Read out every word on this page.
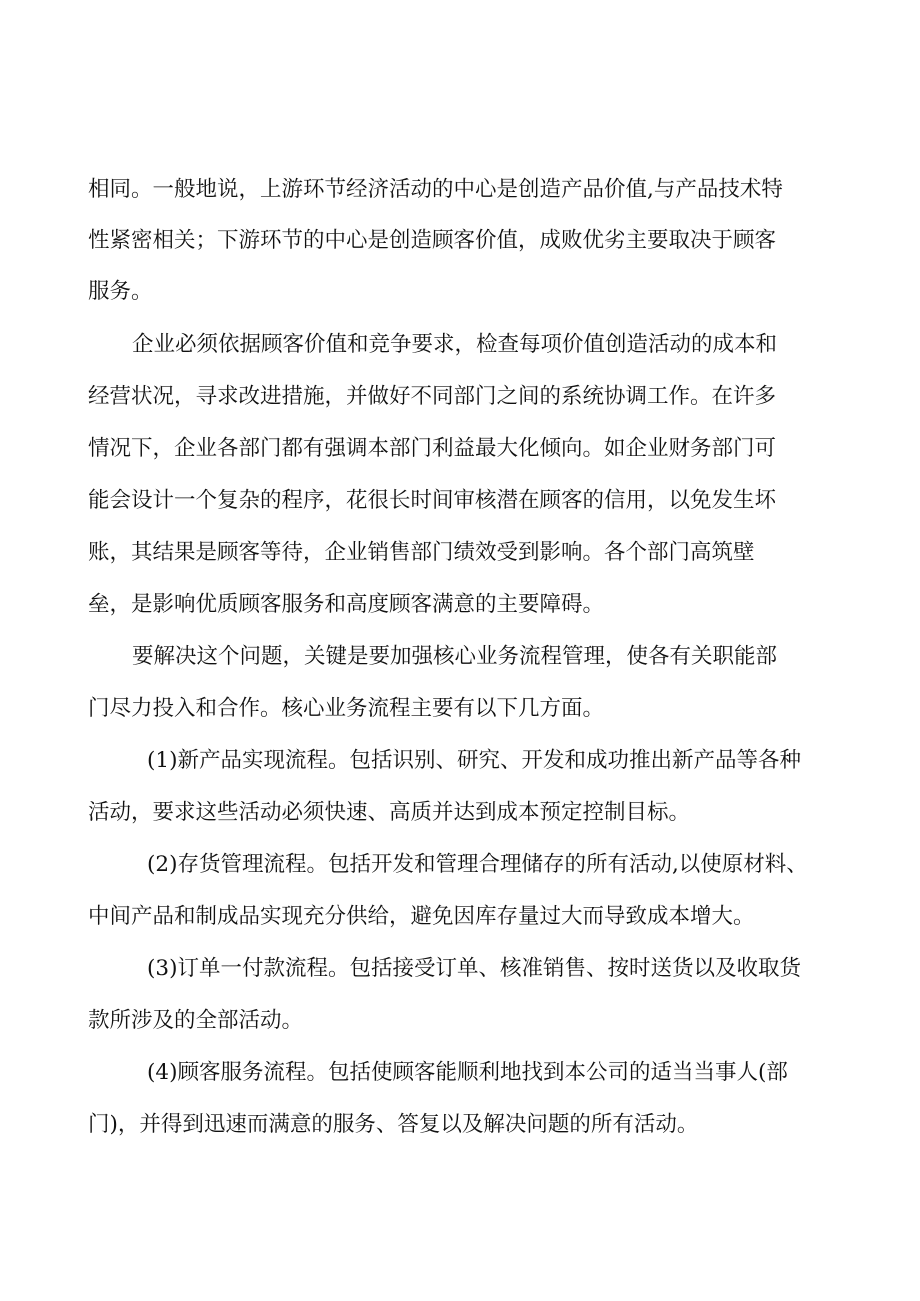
相同。一般地说，上游环节经济活动的中心是创造产品价值,与产品技术特
性紧密相关；下游环节的中心是创造顾客价值，成败优劣主要取决于顾客
服务。
企业必须依据顾客价值和竞争要求，检查每项价值创造活动的成本和
经营状况，寻求改进措施，并做好不同部门之间的系统协调工作。在许多
情况下，企业各部门都有强调本部门利益最大化倾向。如企业财务部门可
能会设计一个复杂的程序，花很长时间审核潜在顾客的信用，以免发生坏
账，其结果是顾客等待，企业销售部门绩效受到影响。各个部门高筑壁
垒，是影响优质顾客服务和高度顾客满意的主要障碍。
要解决这个问题，关键是要加强核心业务流程管理，使各有关职能部
门尽力投入和合作。核心业务流程主要有以下几方面。
(1)新产品实现流程。包括识别、研究、开发和成功推出新产品等各种
活动，要求这些活动必须快速、高质并达到成本预定控制目标。
(2)存货管理流程。包括开发和管理合理储存的所有活动,以使原材料、
中间产品和制成品实现充分供给，避免因库存量过大而导致成本增大。
(3)订单一付款流程。包括接受订单、核准销售、按时送货以及收取货
款所涉及的全部活动。
(4)顾客服务流程。包括使顾客能顺利地找到本公司的适当当事人(部
门)，并得到迅速而满意的服务、答复以及解决问题的所有活动。
